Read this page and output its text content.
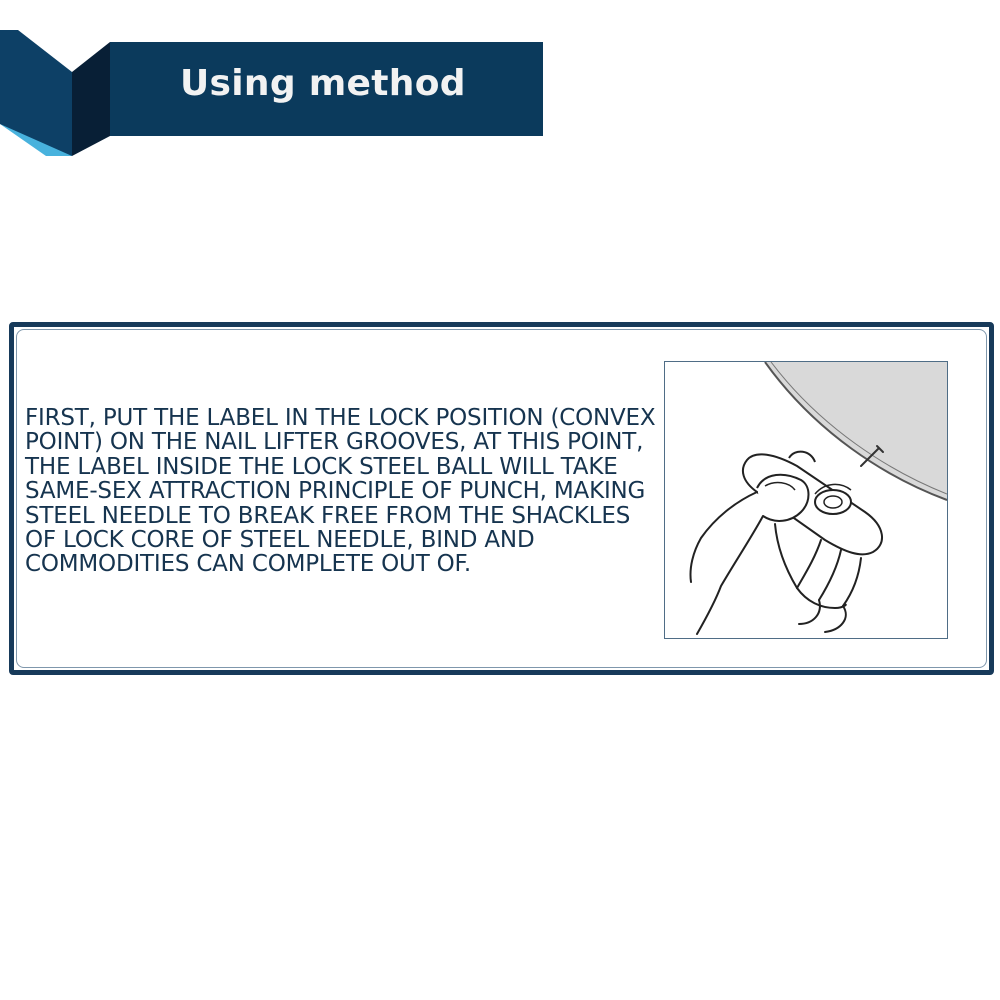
Using method

FIRST, PUT THE LABEL IN THE LOCK POSITION (CONVEX POINT) ON THE NAIL LIFTER GROOVES, AT THIS POINT, THE LABEL INSIDE THE LOCK STEEL BALL WILL TAKE SAME-SEX ATTRACTION PRINCIPLE OF PUNCH, MAKING STEEL NEEDLE TO BREAK FREE FROM THE SHACKLES OF LOCK CORE OF STEEL NEEDLE, BIND AND COMMODITIES CAN COMPLETE OUT OF.
